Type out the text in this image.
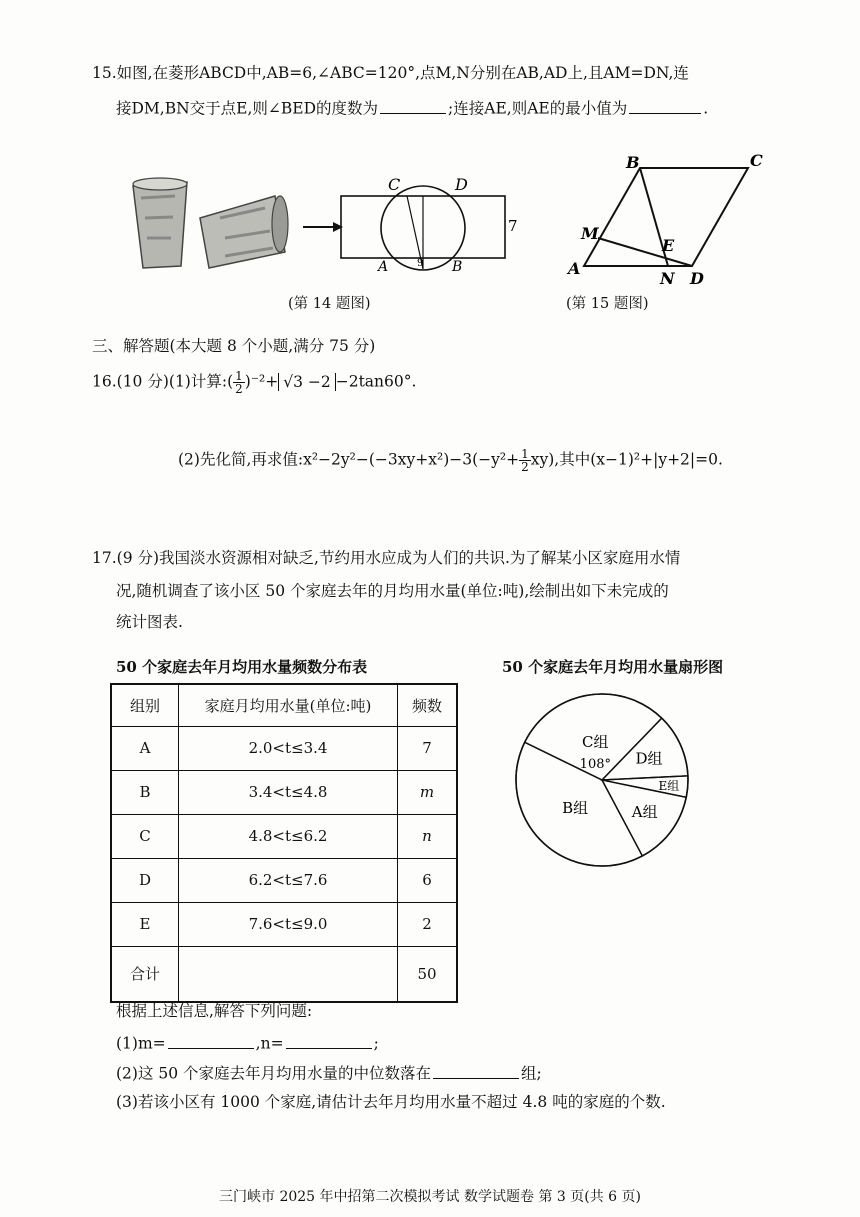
15.如图,在菱形ABCD中,AB=6,∠ABC=120°,点M,N分别在AB,AD上,且AM=DN,连
接DM,BN交于点E,则∠BED的度数为	;连接AE,则AE的最小值为	.
C	D
A	B
7
9
(第 14 题图)
B	C
M
E
A
N D
(第 15 题图)
三、解答题(本大题 8 个小题,满分 75 分)
16.(10 分)(1)计算:( $\frac{1}{2} )^{-2}+ √3 -2 -2\tan 60^\circ$.
(2)先化简,再求值:x²−2y²−(−3xy+x²)−3(−y²+ $\frac{1}{2} xy$),其中(x−1)²+|y+2|=0.
17.(9 分)我国淡水资源相对缺乏,节约用水应成为人们的共识.为了解某小区家庭用水情
况,随机调查了该小区 50 个家庭去年的月均用水量(单位:吨),绘制出如下未完成的
统计图表.
50 个家庭去年月均用水量频数分布表	50 个家庭去年月均用水量扇形图
组别	家庭月均用水量(单位:吨)	频数
A	2.0<t≤3.4	7
B	3.4<t≤4.8	m
C	4.8<t≤6.2	n
D	6.2<t≤7.6	6
E	7.6<t≤9.0	2
合计		50
C组
108° D组
E组
A组
B组
根据上述信息,解答下列问题:
(1)m=	,n=	;
(2)这 50 个家庭去年月均用水量的中位数落在	组;
(3)若该小区有 1000 个家庭,请估计去年月均用水量不超过 4.8 吨的家庭的个数.
三门峡市 2025 年中招第二次模拟考试 数学试题卷 第 3 页(共 6 页)
